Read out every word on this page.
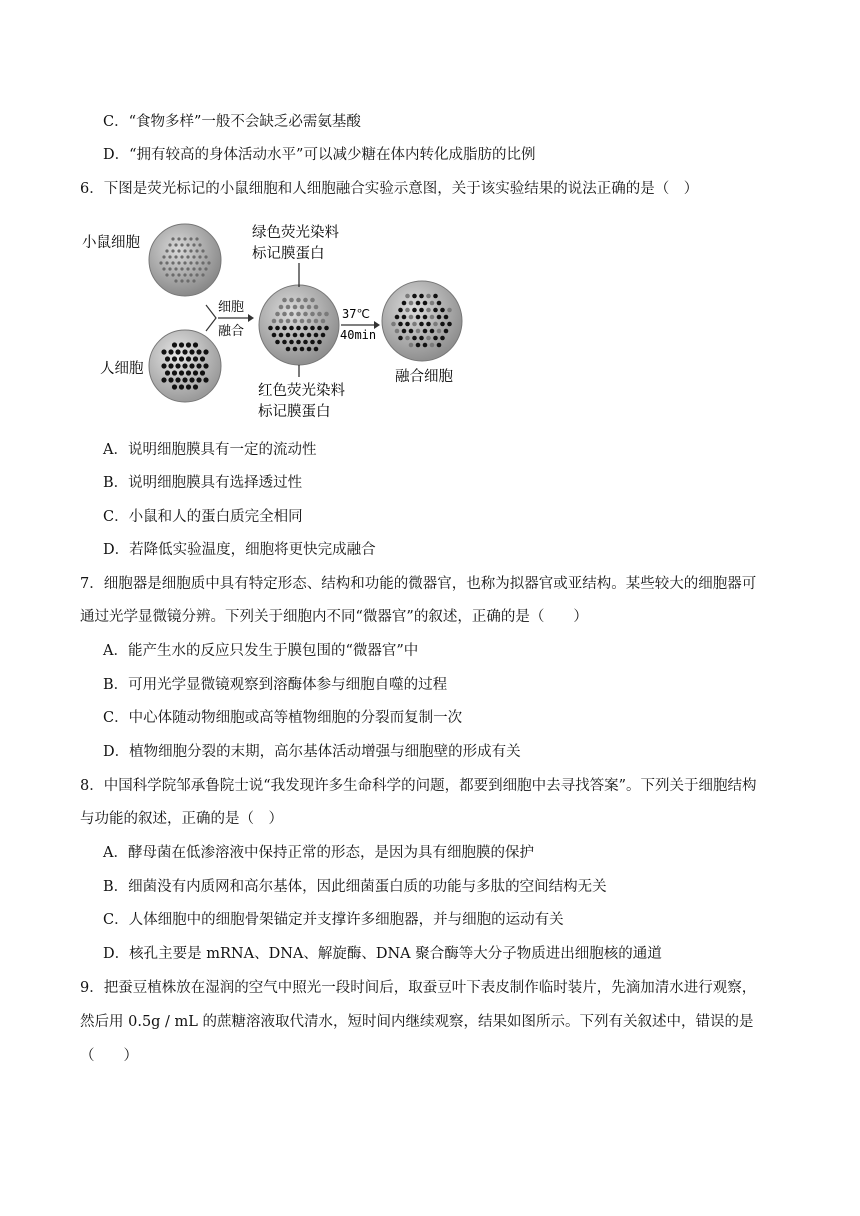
C．“食物多样”一般不会缺乏必需氨基酸
D．“拥有较高的身体活动水平”可以减少糖在体内转化成脂肪的比例
6．下图是荧光标记的小鼠细胞和人细胞融合实验示意图，关于该实验结果的说法正确的是（　）
小鼠细胞
人细胞
绿色荧光染料
标记膜蛋白
细胞
融合
37℃
40min
红色荧光染料
标记膜蛋白
融合细胞
A．说明细胞膜具有一定的流动性
B．说明细胞膜具有选择透过性
C．小鼠和人的蛋白质完全相同
D．若降低实验温度，细胞将更快完成融合
7．细胞器是细胞质中具有特定形态、结构和功能的微器官，也称为拟器官或亚结构。某些较大的细胞器可
通过光学显微镜分辨。下列关于细胞内不同“微器官”的叙述，正确的是（　　）
A．能产生水的反应只发生于膜包围的“微器官”中
B．可用光学显微镜观察到溶酶体参与细胞自噬的过程
C．中心体随动物细胞或高等植物细胞的分裂而复制一次
D．植物细胞分裂的末期，高尔基体活动增强与细胞壁的形成有关
8．中国科学院邹承鲁院士说“我发现许多生命科学的问题，都要到细胞中去寻找答案”。下列关于细胞结构
与功能的叙述，正确的是（　）
A．酵母菌在低渗溶液中保持正常的形态，是因为具有细胞膜的保护
B．细菌没有内质网和高尔基体，因此细菌蛋白质的功能与多肽的空间结构无关
C．人体细胞中的细胞骨架锚定并支撑许多细胞器，并与细胞的运动有关
D．核孔主要是 mRNA、DNA、解旋酶、DNA 聚合酶等大分子物质进出细胞核的通道
9．把蚕豆植株放在湿润的空气中照光一段时间后，取蚕豆叶下表皮制作临时装片，先滴加清水进行观察，
然后用 0.5g / mL 的蔗糖溶液取代清水，短时间内继续观察，结果如图所示。下列有关叙述中，错误的是
（　　）
